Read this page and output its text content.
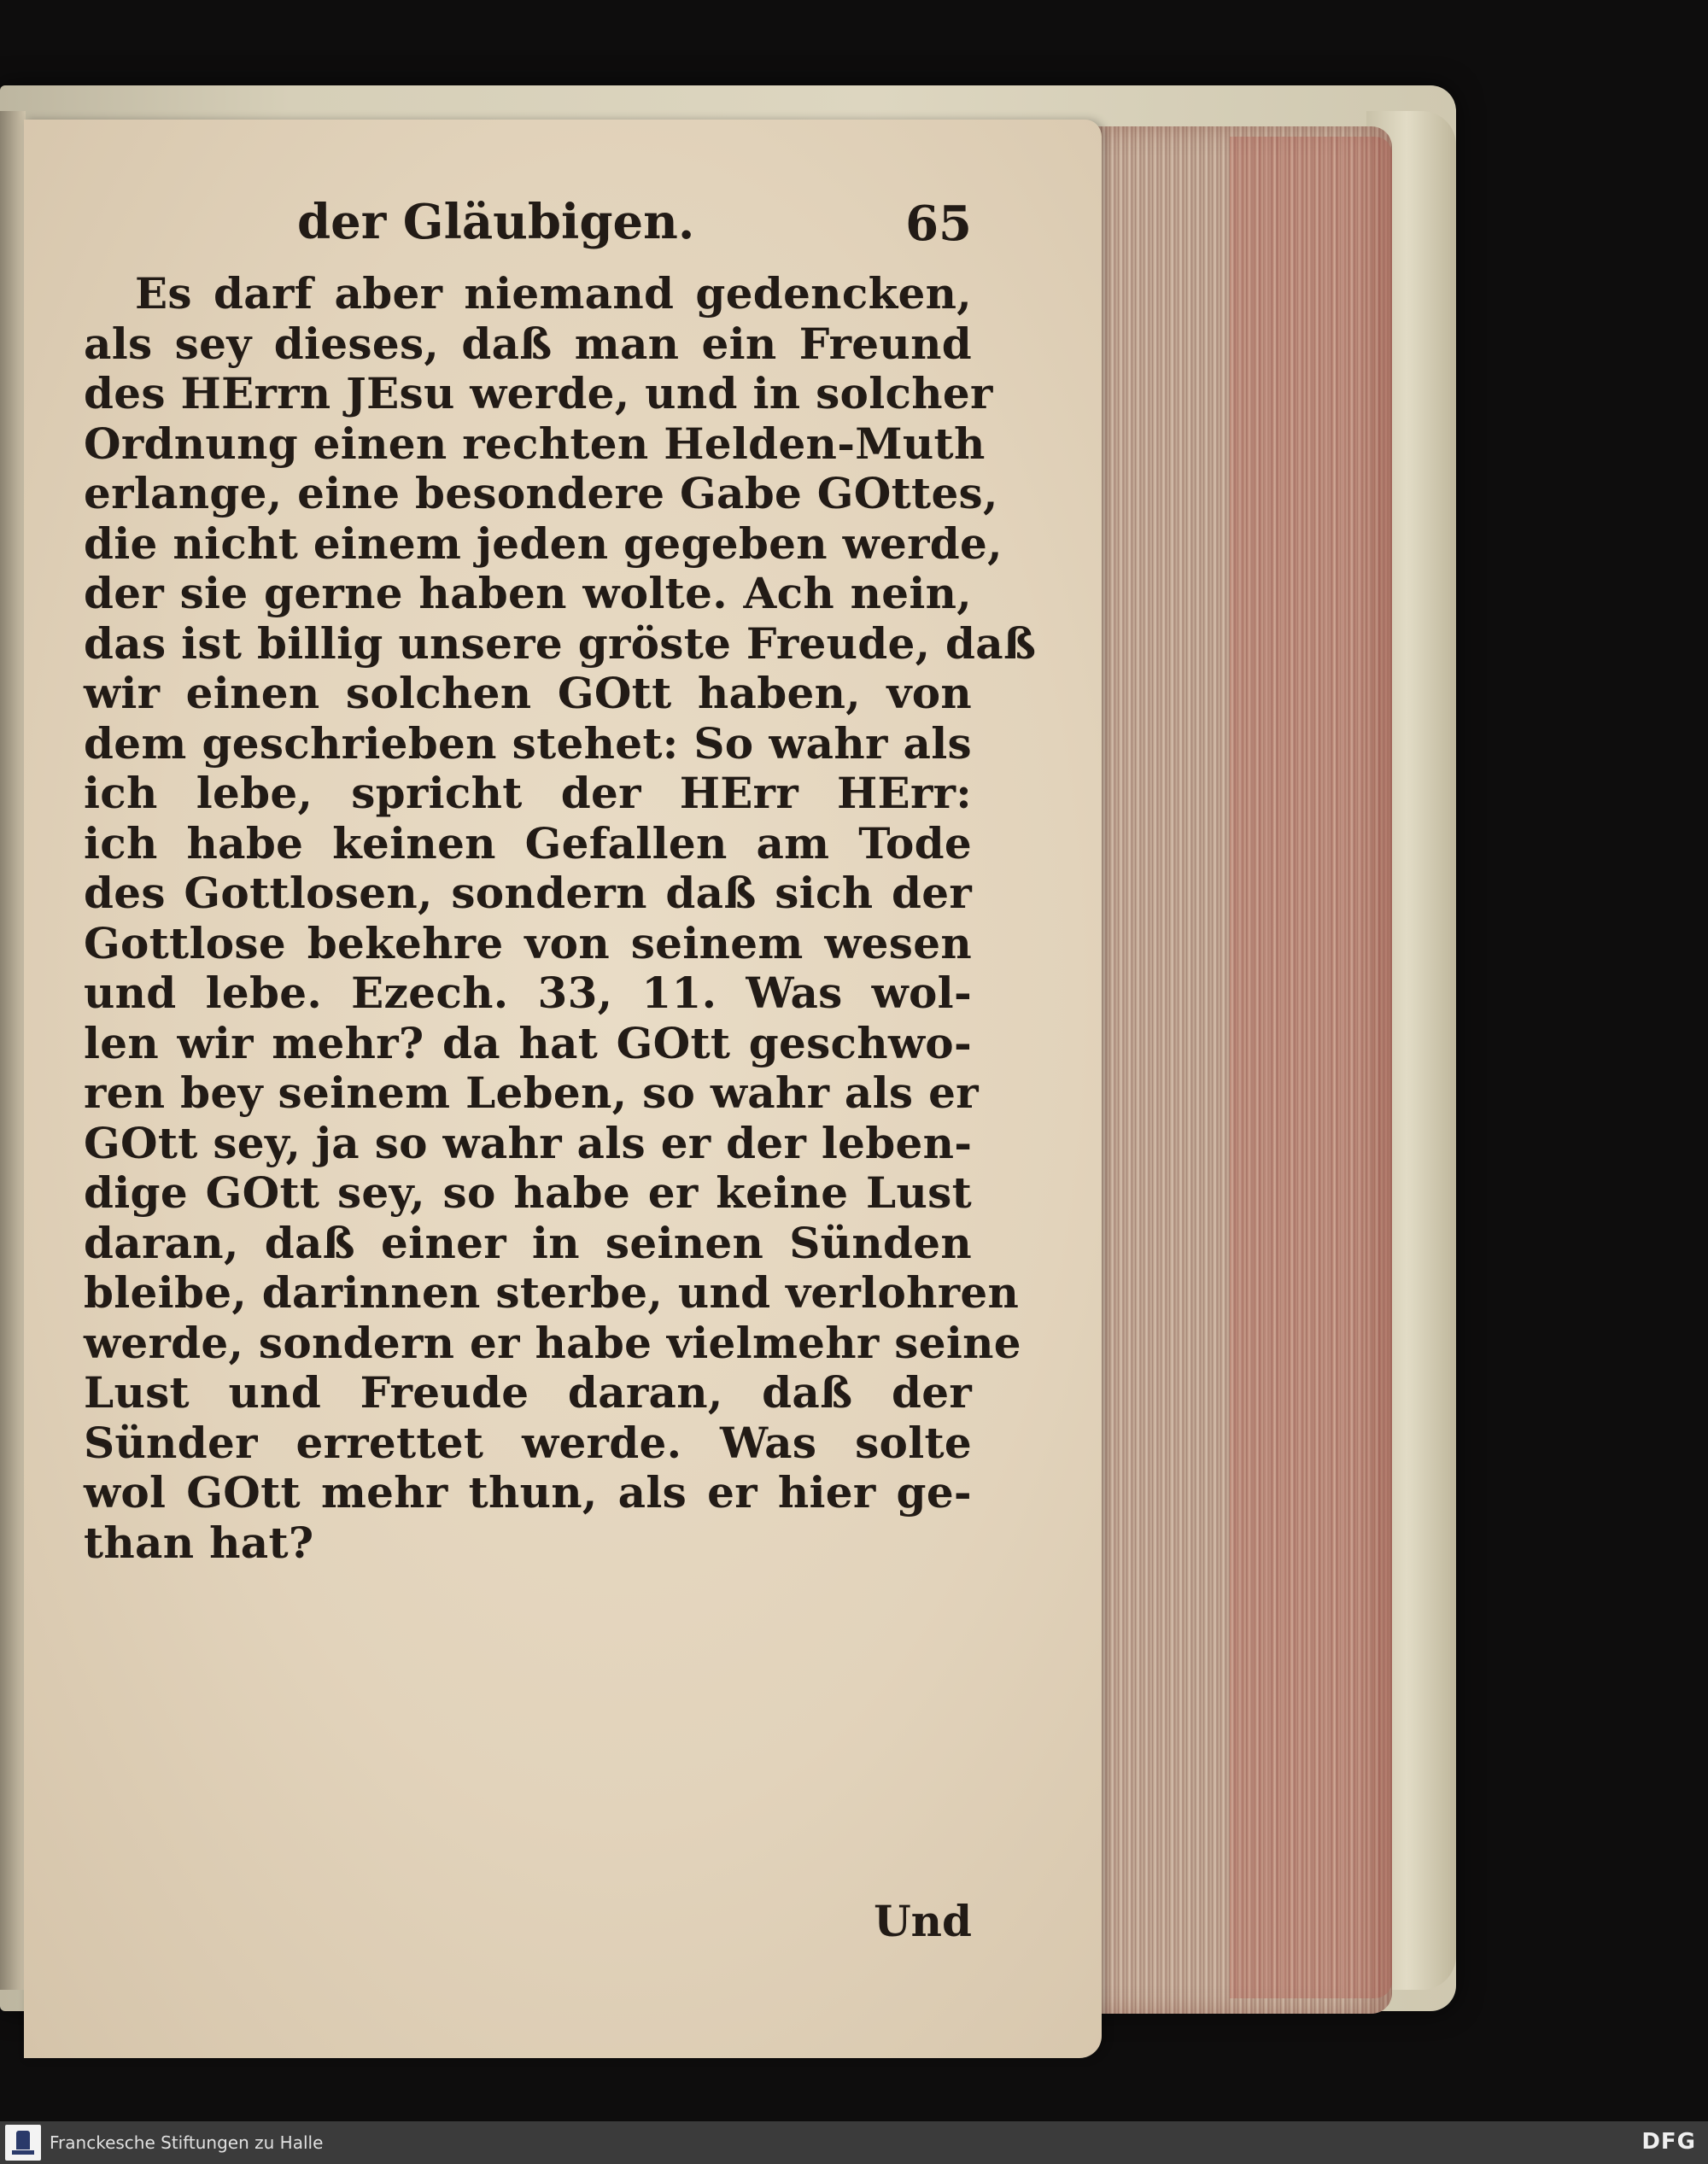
der Gläubigen.	65
Es darf aber niemand gedencken,
als sey dieses, daß man ein Freund
des HErrn JEsu werde, und in solcher
Ordnung einen rechten Helden-Muth
erlange, eine besondere Gabe GOttes,
die nicht einem jeden gegeben werde,
der sie gerne haben wolte. Ach nein,
das ist billig unsere gröste Freude, daß
wir einen solchen GOtt haben, von
dem geschrieben stehet: So wahr als
ich lebe, spricht der HErr HErr:
ich habe keinen Gefallen am Tode
des Gottlosen, sondern daß sich der
Gottlose bekehre von seinem wesen
und lebe. Ezech. 33, 11. Was wol-
len wir mehr? da hat GOtt geschwo-
ren bey seinem Leben, so wahr als er
GOtt sey, ja so wahr als er der leben-
dige GOtt sey, so habe er keine Lust
daran, daß einer in seinen Sünden
bleibe, darinnen sterbe, und verlohren
werde, sondern er habe vielmehr seine
Lust und Freude daran, daß der
Sünder errettet werde. Was solte
wol GOtt mehr thun, als er hier ge-
than hat?
Und
Franckesche Stiftungen zu Halle	DFG
